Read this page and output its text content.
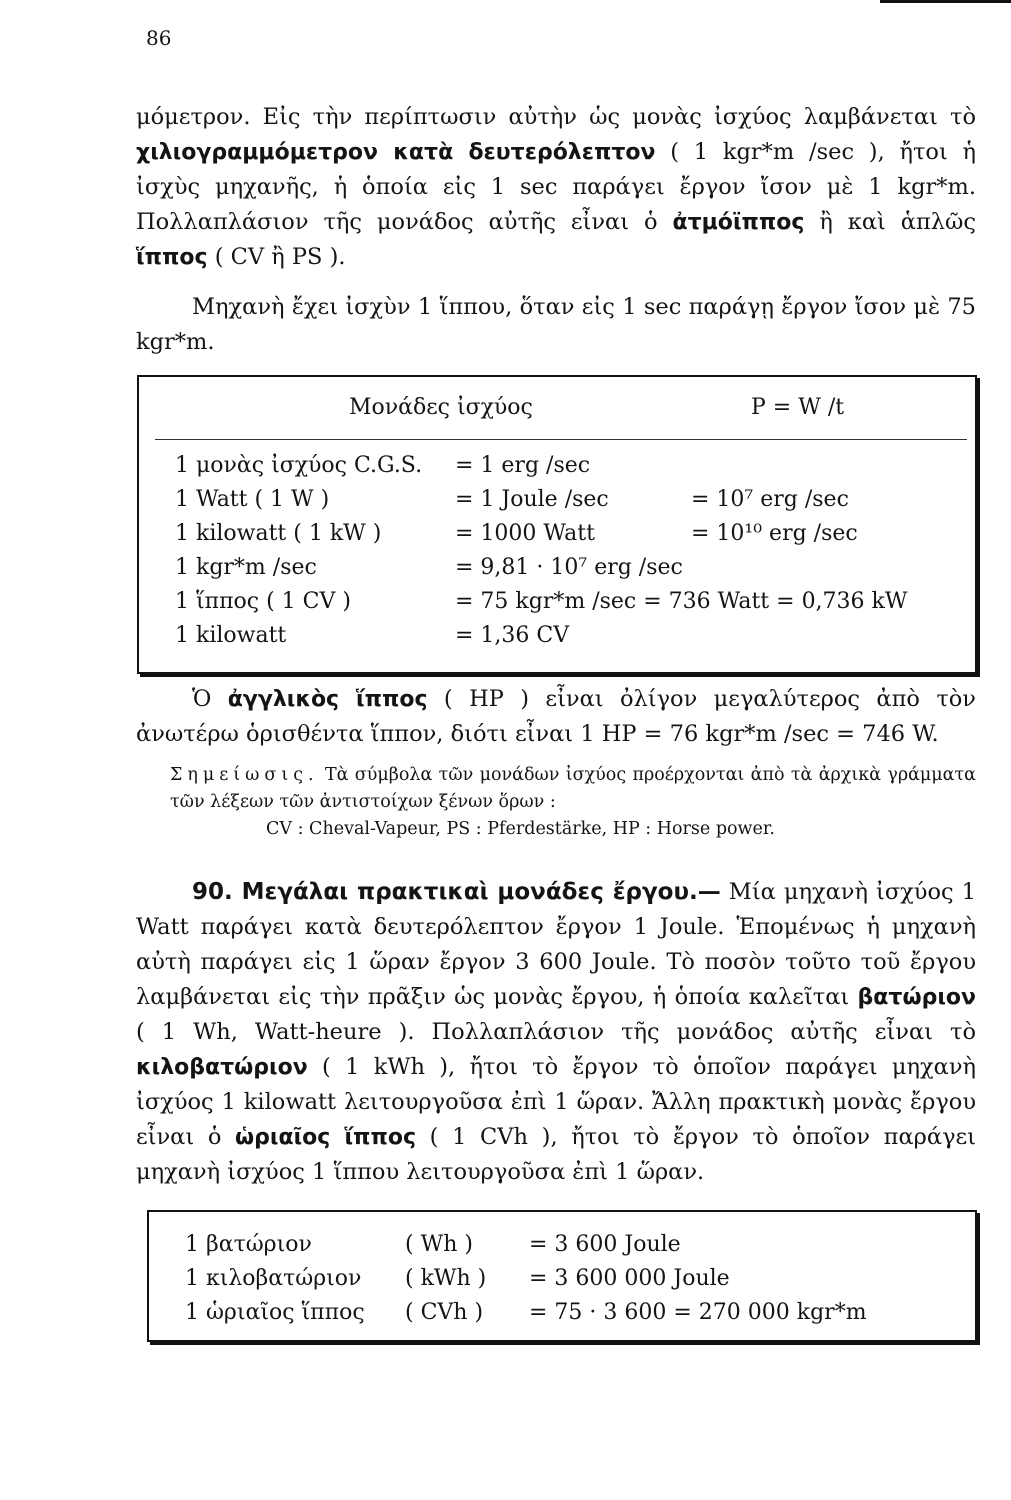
86
μόμετρον. Εἰς τὴν περίπτωσιν αὐτὴν ὡς μονὰς ἰσχύος λαμβάνεται τὸ χιλιογραμμόμετρον κατὰ δευτερόλεπτον ( 1 kgr*m /sec ), ἤτοι ἡ ἰσχὺς μηχανῆς, ἡ ὁποία εἰς 1 sec παράγει ἔργον ἴσον μὲ 1 kgr*m. Πολλαπλάσιον τῆς μονάδος αὐτῆς εἶναι ὁ ἀτμόϊππος ἢ καὶ ἁπλῶς ἵππος ( CV ἢ PS ).
Μηχανὴ ἔχει ἰσχὺν 1 ἵππου, ὅταν εἰς 1 sec παράγῃ ἔργον ἴσον μὲ 75 kgr*m.
Μονάδες ἰσχύος	P = W /t
1 μονὰς ἰσχύος C.G.S. = 1 erg /sec
1 Watt ( 1 W )	= 1 Joule /sec	= 10⁷ erg /sec
1 kilowatt ( 1 kW )	= 1000 Watt	= 10¹⁰ erg /sec
1 kgr*m /sec	= 9,81 · 10⁷ erg /sec
1 ἵππος ( 1 CV )	= 75 kgr*m /sec = 736 Watt = 0,736 kW
1 kilowatt	= 1,36 CV
Ὁ ἀγγλικὸς ἵππος ( HP ) εἶναι ὀλίγον μεγαλύτερος ἀπὸ τὸν ἀνωτέρω ὁρισθέντα ἵππον, διότι εἶναι 1 HP = 76 kgr*m /sec = 746 W.
Σημείωσις. Τὰ σύμβολα τῶν μονάδων ἰσχύος προέρχονται ἀπὸ τὰ ἀρχικὰ γράμματα τῶν λέξεων τῶν ἀντιστοίχων ξένων ὅρων :
CV : Cheval-Vapeur, PS : Pferdestärke, HP : Horse power.
90. Μεγάλαι πρακτικαὶ μονάδες ἔργου.— Μία μηχανὴ ἰσχύος 1 Watt παράγει κατὰ δευτερόλεπτον ἔργον 1 Joule. Ἑπομένως ἡ μηχανὴ αὐτὴ παράγει εἰς 1 ὥραν ἔργον 3 600 Joule. Τὸ ποσὸν τοῦτο τοῦ ἔργου λαμβάνεται εἰς τὴν πρᾶξιν ὡς μονὰς ἔργου, ἡ ὁποία καλεῖται βατώριον ( 1 Wh, Watt-heure ). Πολλαπλάσιον τῆς μονάδος αὐτῆς εἶναι τὸ κιλοβατώριον ( 1 kWh ), ἤτοι τὸ ἔργον τὸ ὁποῖον παράγει μηχανὴ ἰσχύος 1 kilowatt λειτουργοῦσα ἐπὶ 1 ὥραν. Ἄλλη πρακτικὴ μονὰς ἔργου εἶναι ὁ ὡριαῖος ἵππος ( 1 CVh ), ἤτοι τὸ ἔργον τὸ ὁποῖον παράγει μηχανὴ ἰσχύος 1 ἵππου λειτουργοῦσα ἐπὶ 1 ὥραν.
1 βατώριον	( Wh )	= 3 600 Joule
1 κιλοβατώριον ( kWh ) = 3 600 000 Joule
1 ὡριαῖος ἵππος ( CVh ) = 75 · 3 600 = 270 000 kgr*m
